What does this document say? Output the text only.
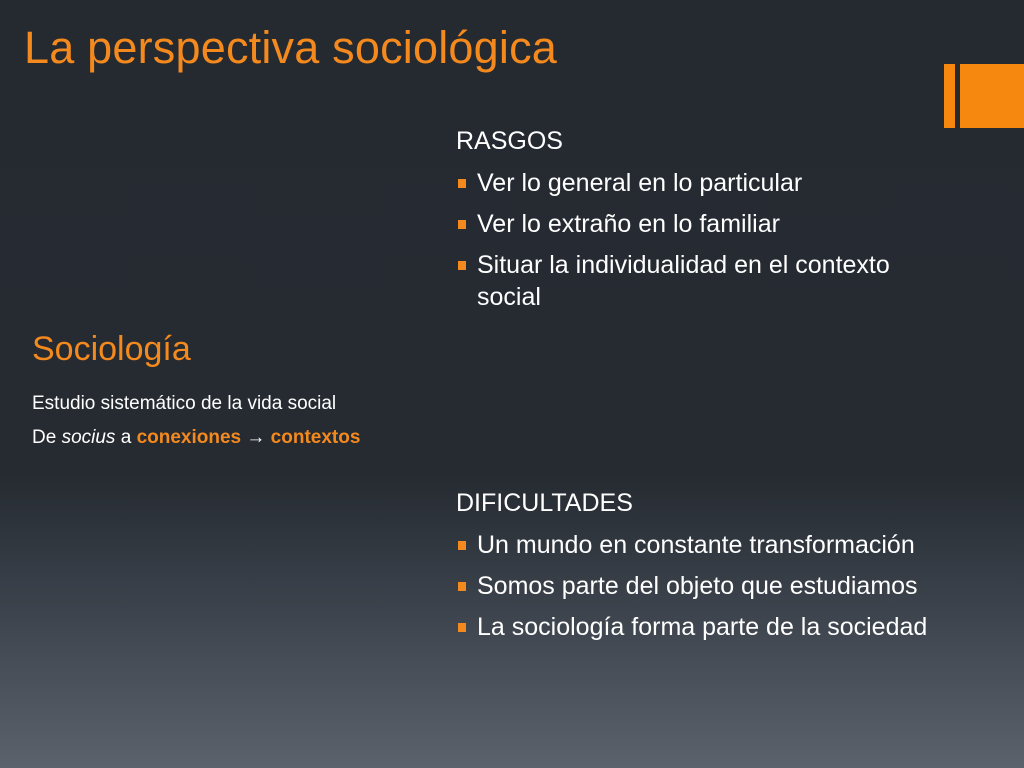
La perspectiva sociológica
Sociología
Estudio sistemático de la vida social
De socius a conexiones → contextos
RASGOS
Ver lo general en lo particular
Ver lo extraño en lo familiar
Situar la individualidad en el contexto social
DIFICULTADES
Un mundo en constante transformación
Somos parte del objeto que estudiamos
La sociología forma parte de la sociedad
